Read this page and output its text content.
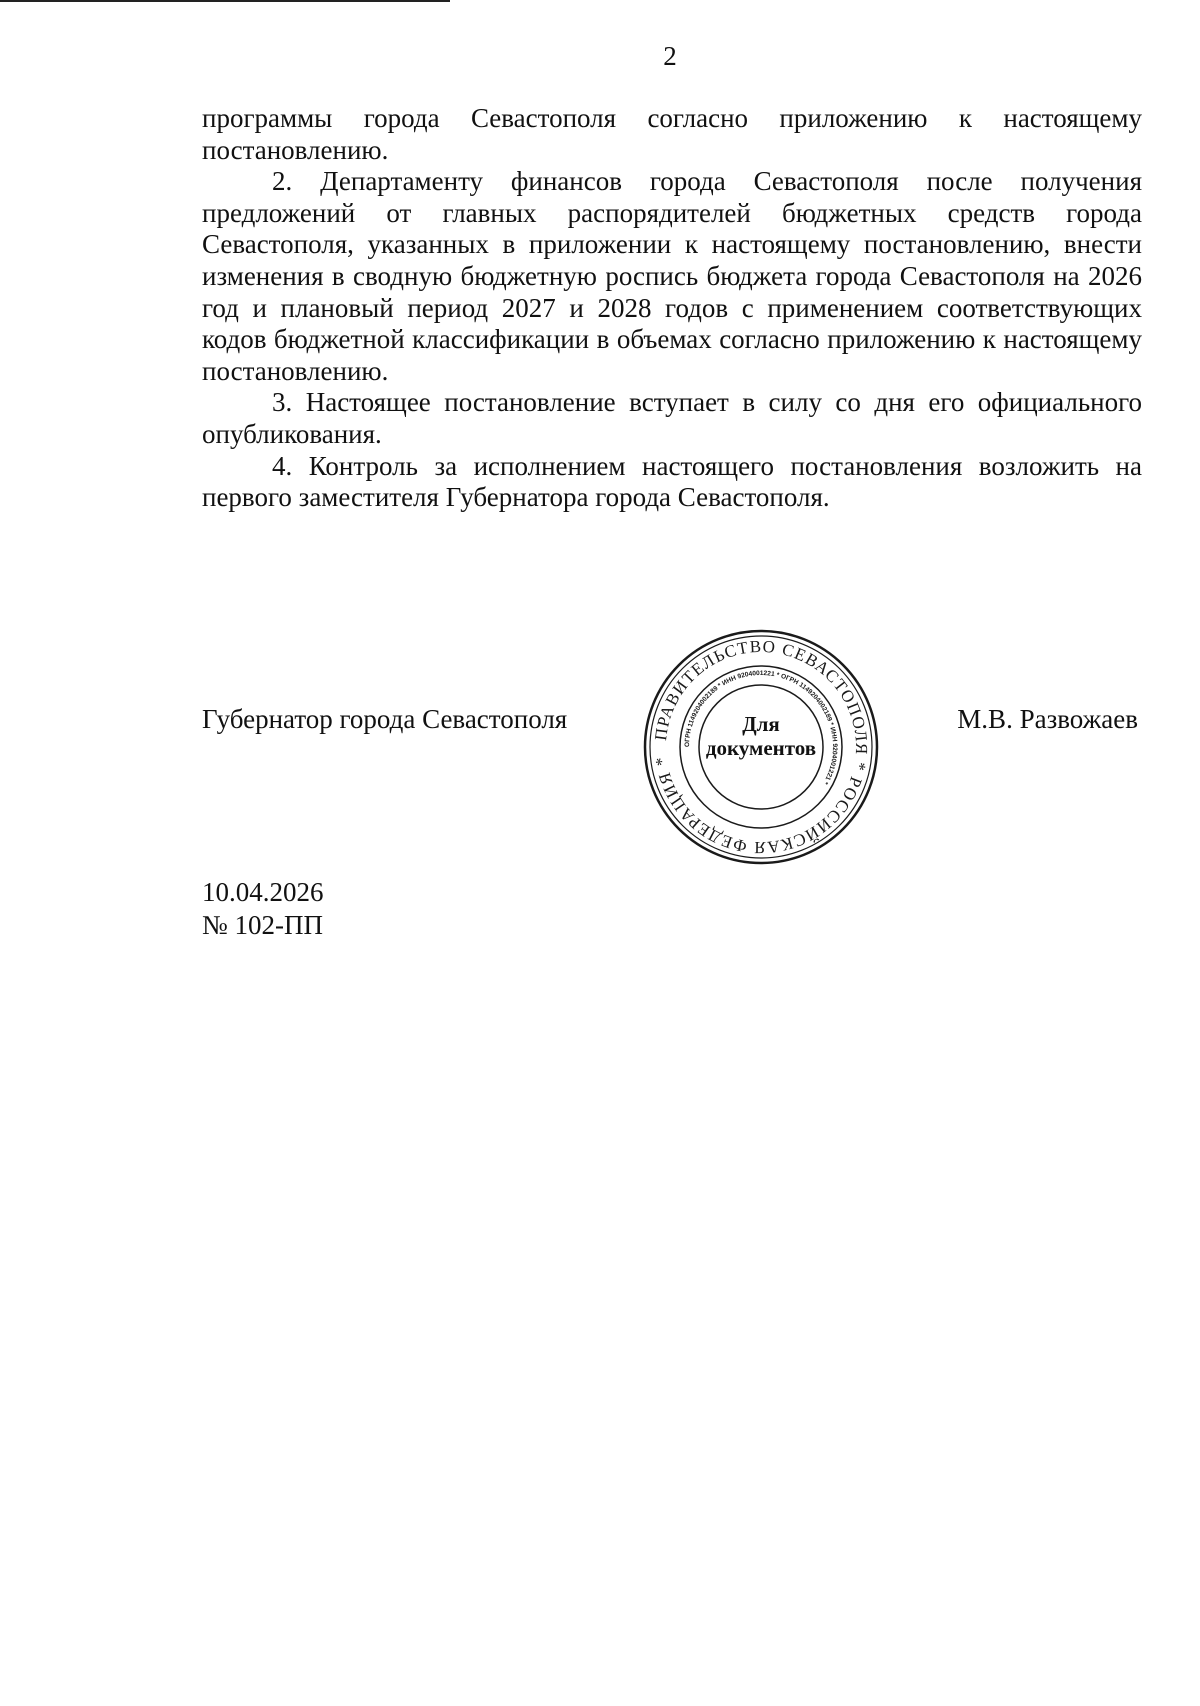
2

программы города Севастополя согласно приложению к настоящему постановлению.

2. Департаменту финансов города Севастополя после получения предложений от главных распорядителей бюджетных средств города Севастополя, указанных в приложении к настоящему постановлению, внести изменения в сводную бюджетную роспись бюджета города Севастополя на 2026 год и плановый период 2027 и 2028 годов с применением соответствующих кодов бюджетной классификации в объемах согласно приложению к настоящему постановлению.

3. Настоящее постановление вступает в силу со дня его официального опубликования.

4. Контроль за исполнением настоящего постановления возложить на первого заместителя Губернатора города Севастополя.

Губернатор города Севастополя	ПРАВИТЕЛЬСТВО СЕВАСТОПОЛЯ * РОССИЙСКАЯ ФЕДЕРАЦИЯ *
ОГРН 1149204002189 * ИНН 9204001221 * ОГРН 1149204002189 * ИНН 9204001221 *
Для
документов
М.В. Развожаев
10.04.2026
№ 102-ПП
